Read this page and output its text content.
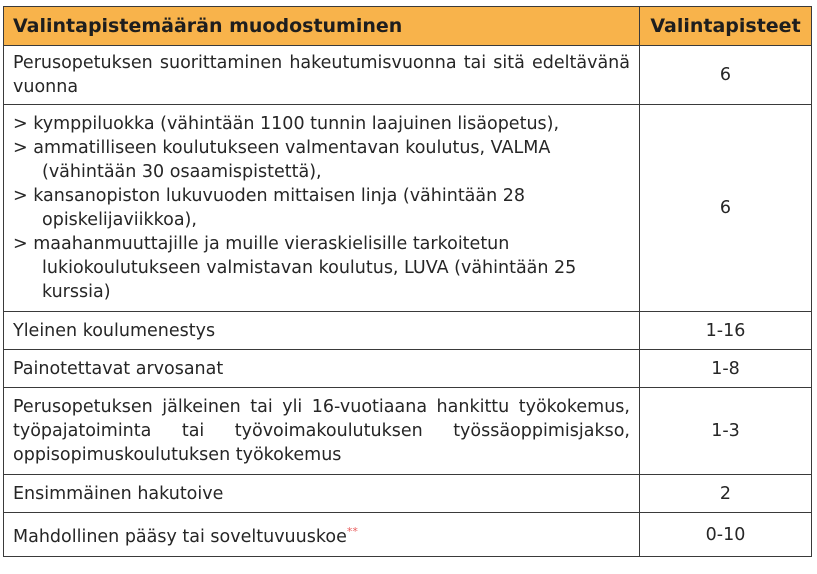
Valintapistemäärän muodostuminen	Valintapisteet
Perusopetuksen suorittaminen hakeutumisvuonna tai sitä edeltävänä vuonna	6

> kymppiluokka (vähintään 1100 tunnin laajuinen lisäopetus),
> ammatilliseen koulutukseen valmentavan koulutus, VALMA (vähintään 30 osaamispistettä),
> kansanopiston lukuvuoden mittaisen linja (vähintään 28 opiskelijaviikkoa),
> maahanmuuttajille ja muille vieraskielisille tarkoitetun lukiokoulutukseen valmistavan koulutus, LUVA (vähintään 25 kurssia)	6
Yleinen koulumenestys	1-16
Painotettavat arvosanat	1-8
Perusopetuksen jälkeinen tai yli 16-vuotiaana hankittu työkokemus, työpajatoiminta tai työvoimakoulutuksen työssäoppimisjakso, oppisopimuskoulutuksen työkokemus	1-3
Ensimmäinen hakutoive	2
Mahdollinen pääsy tai soveltuvuuskoe**	0-10
